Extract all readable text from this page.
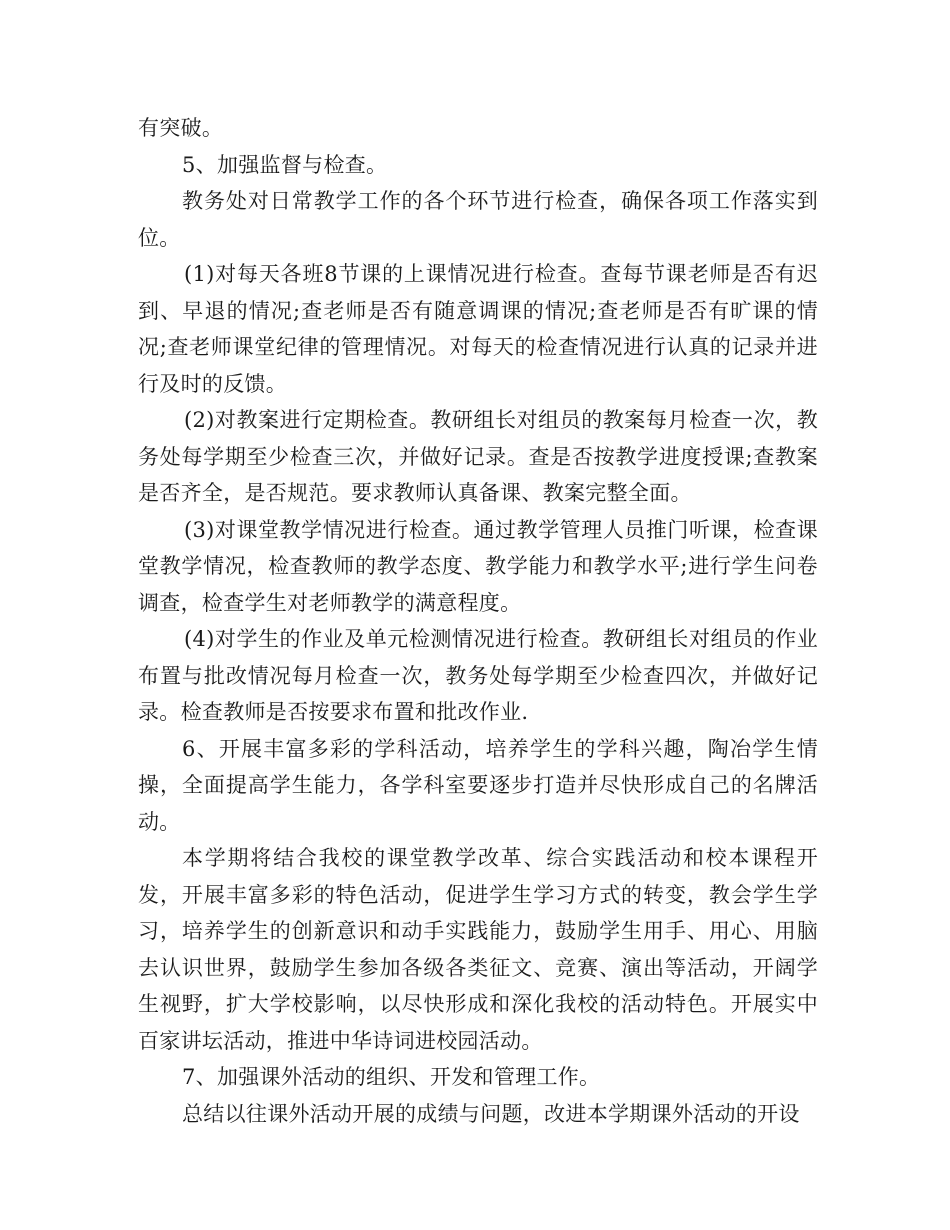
有突破。

5、加强监督与检查。

教务处对日常教学工作的各个环节进行检查，确保各项工作落实到位。

(1)对每天各班8节课的上课情况进行检查。查每节课老师是否有迟到、早退的情况;查老师是否有随意调课的情况;查老师是否有旷课的情况;查老师课堂纪律的管理情况。对每天的检查情况进行认真的记录并进行及时的反馈。

(2)对教案进行定期检查。教研组长对组员的教案每月检查一次，教务处每学期至少检查三次，并做好记录。查是否按教学进度授课;查教案是否齐全，是否规范。要求教师认真备课、教案完整全面。

(3)对课堂教学情况进行检查。通过教学管理人员推门听课，检查课堂教学情况，检查教师的教学态度、教学能力和教学水平;进行学生问卷调查，检查学生对老师教学的满意程度。

(4)对学生的作业及单元检测情况进行检查。教研组长对组员的作业布置与批改情况每月检查一次，教务处每学期至少检查四次，并做好记录。检查教师是否按要求布置和批改作业.

6、开展丰富多彩的学科活动，培养学生的学科兴趣，陶冶学生情操，全面提高学生能力，各学科室要逐步打造并尽快形成自己的名牌活动。

本学期将结合我校的课堂教学改革、综合实践活动和校本课程开发，开展丰富多彩的特色活动，促进学生学习方式的转变，教会学生学习，培养学生的创新意识和动手实践能力，鼓励学生用手、用心、用脑去认识世界，鼓励学生参加各级各类征文、竞赛、演出等活动，开阔学生视野，扩大学校影响，以尽快形成和深化我校的活动特色。开展实中百家讲坛活动，推进中华诗词进校园活动。

7、加强课外活动的组织、开发和管理工作。

总结以往课外活动开展的成绩与问题，改进本学期课外活动的开设
